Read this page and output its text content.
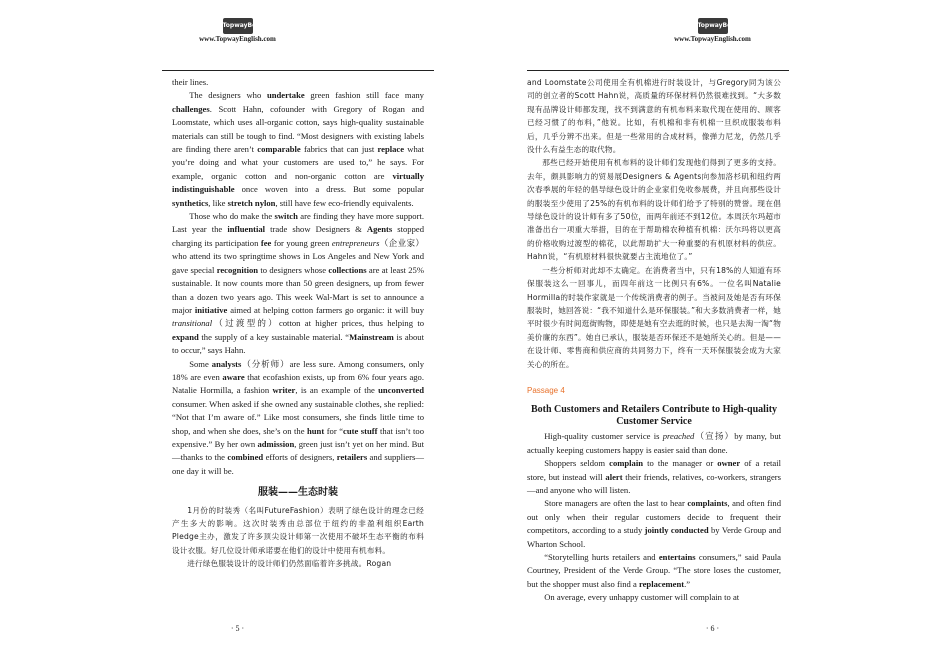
TopwayBook
www.TopwayEnglish.com

their lines.

The designers who undertake green fashion still face many challenges. Scott Hahn, cofounder with Gregory of Rogan and Loomstate, which uses all-organic cotton, says high-quality sustainable materials can still be tough to find. “Most designers with existing labels are finding there aren’t comparable fabrics that can just replace what you’re doing and what your customers are used to,” he says. For example, organic cotton and non-organic cotton are virtually indistinguishable once woven into a dress. But some popular synthetics, like stretch nylon, still have few eco-friendly equivalents.

Those who do make the switch are finding they have more support. Last year the influential trade show Designers & Agents stopped charging its participation fee for young green entrepreneurs（企业家）who attend its two springtime shows in Los Angeles and New York and gave special recognition to designers whose collections are at least 25% sustainable. It now counts more than 50 green designers, up from fewer than a dozen two years ago. This week Wal-Mart is set to announce a major initiative aimed at helping cotton farmers go organic: it will buy transitional（过渡型的）cotton at higher prices, thus helping to expand the supply of a key sustainable material. “Mainstream is about to occur,” says Hahn.

Some analysts（分析师）are less sure. Among consumers, only 18% are even aware that ecofashion exists, up from 6% four years ago. Natalie Hormilla, a fashion writer, is an example of the unconverted consumer. When asked if she owned any sustainable clothes, she replied: “Not that I’m aware of.” Like most consumers, she finds little time to shop, and when she does, she’s on the hunt for “cute stuff that isn’t too expensive.” By her own admission, green just isn’t yet on her mind. But—thanks to the combined efforts of designers, retailers and suppliers—one day it will be.

服装——生态时装

1月份的时装秀（名叫FutureFashion）表明了绿色设计的理念已经产生多大的影响。这次时装秀由总部位于纽约的非盈利组织Earth Pledge主办，激发了许多顶尖设计师第一次使用不破坏生态平衡的布料设计衣服。好几位设计师承诺要在他们的设计中使用有机布料。

进行绿色服装设计的设计师们仍然面临着许多挑战。Rogan

· 5 ·
TopwayBook
www.TopwayEnglish.com

and Loomstate公司使用全有机棉进行时装设计，与Gregory同为该公司的创立者的Scott Hahn说，高质量的环保材料仍然很难找到。“大多数现有品牌设计师都发现，找不到满意的有机布料来取代现在使用的、顾客已经习惯了的布料，”他说。比如，有机棉和非有机棉一旦织成服装布料后，几乎分辨不出来。但是一些常用的合成材料，像弹力尼龙，仍然几乎没什么有益生态的取代物。

那些已经开始使用有机布料的设计师们发现他们得到了更多的支持。去年，颇具影响力的贸易展Designers & Agents向参加洛杉矶和纽约两次春季展的年轻的倡导绿色设计的企业家们免收参展费，并且向那些设计的服装至少使用了25%的有机布料的设计师们给予了特别的赞誉。现在倡导绿色设计的设计师有多了50位，而两年前还不到12位。本周沃尔玛超市准备出台一项重大举措，目的在于帮助棉农种植有机棉：沃尔玛将以更高的价格收购过渡型的棉花，以此帮助扩大一种重要的有机原材料的供应。Hahn说，“有机原材料很快就要占主流地位了。”

一些分析师对此却不太确定。在消费者当中，只有18%的人知道有环保服装这么一回事儿，而四年前这一比例只有6%。一位名叫Natalie Hormilla的时装作家就是一个传统消费者的例子。当被问及她是否有环保服装时，她回答说：“我不知道什么是环保服装。”和大多数消费者一样，她平时很少有时间逛街购物，即使是她有空去逛的时候，也只是去淘一淘“物美价廉的东西”。她自已承认，服装是否环保还不是她所关心的。但是——在设计师、零售商和供应商的共同努力下，终有一天环保服装会成为大家关心的所在。

Passage 4
Both Customers and Retailers Contribute to High-quality Customer Service

High-quality customer service is preached（宣扬）by many, but actually keeping customers happy is easier said than done.

Shoppers seldom complain to the manager or owner of a retail store, but instead will alert their friends, relatives, co-workers, strangers—and anyone who will listen.

Store managers are often the last to hear complaints, and often find out only when their regular customers decide to frequent their competitors, according to a study jointly conducted by Verde Group and Wharton School.

“Storytelling hurts retailers and entertains consumers,” said Paula Courtney, President of the Verde Group. “The store loses the customer, but the shopper must also find a replacement.”

On average, every unhappy customer will complain to at

· 6 ·
